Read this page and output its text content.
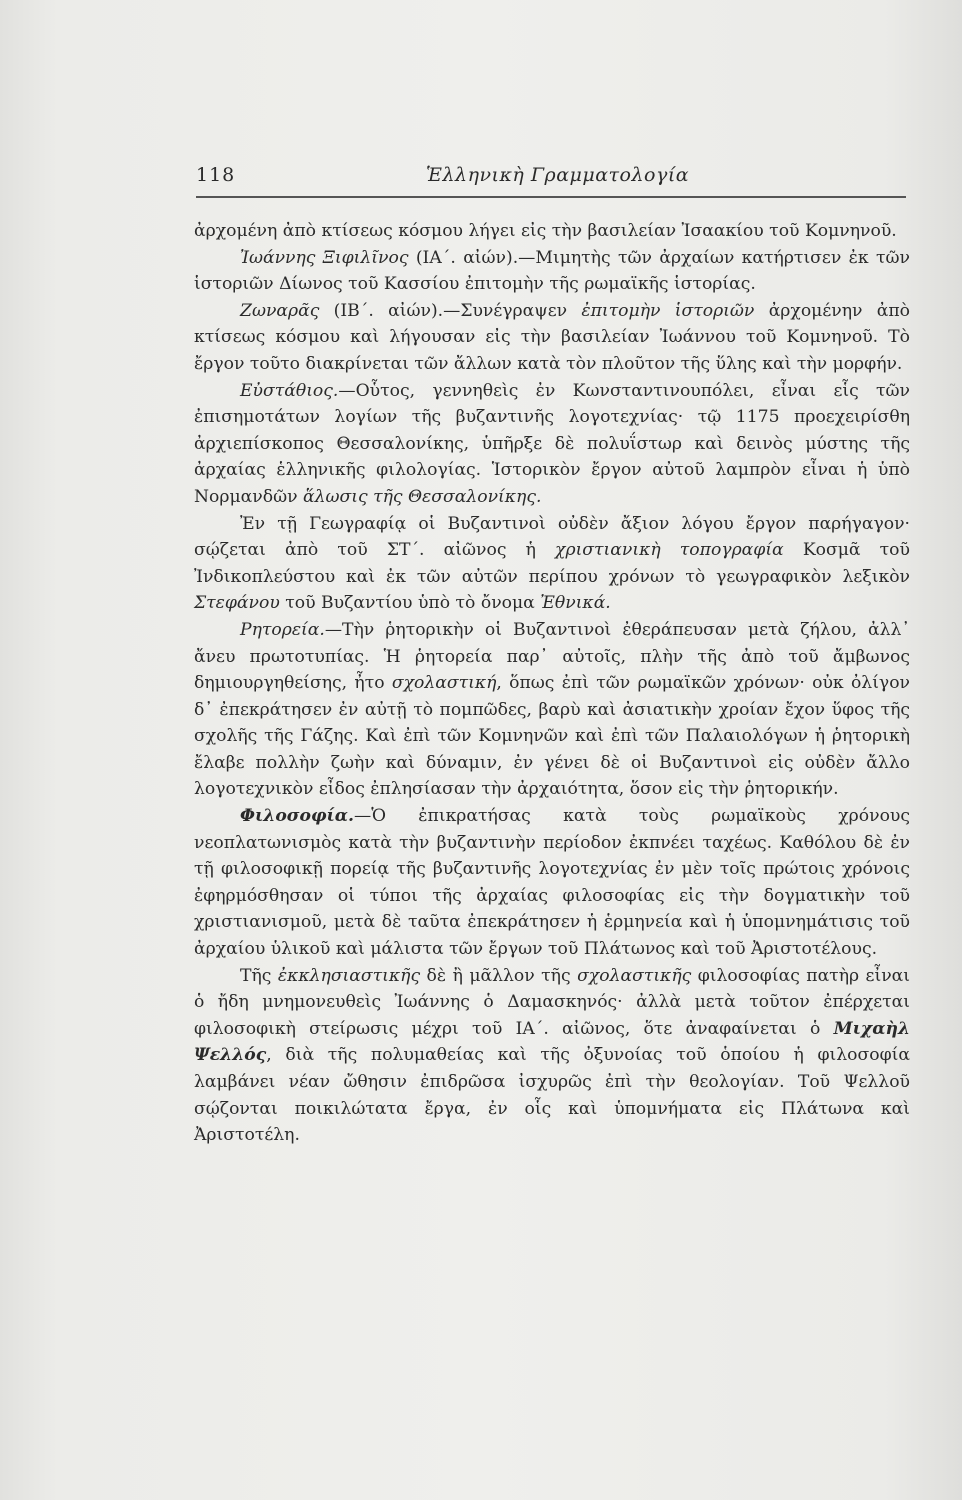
118	Ἑλληνικὴ Γραμματολογία

ἀρχομένη ἀπὸ κτίσεως κόσμου λήγει εἰς τὴν βασιλείαν Ἰσαακίου τοῦ Κομνηνοῦ.

Ἰωάννης Ξιφιλῖνος (ΙΑ΄. αἰών).—Μιμητὴς τῶν ἀρχαίων κατήρτισεν ἐκ τῶν ἱστοριῶν Δίωνος τοῦ Κασσίου ἐπιτομὴν τῆς ρωμαϊκῆς ἱστορίας.

Ζωναρᾶς (ΙΒ΄. αἰών).—Συνέγραψεν ἐπιτομὴν ἱστοριῶν ἀρχομένην ἀπὸ κτίσεως κόσμου καὶ λήγουσαν εἰς τὴν βασιλείαν Ἰωάννου τοῦ Κομνηνοῦ. Τὸ ἔργον τοῦτο διακρίνεται τῶν ἄλλων κατὰ τὸν πλοῦτον τῆς ὕλης καὶ τὴν μορφήν.

Εὐστάθιος.—Οὗτος, γεννηθεὶς ἐν Κωνσταντινουπόλει, εἶναι εἷς τῶν ἐπισημοτάτων λογίων τῆς βυζαντινῆς λογοτεχνίας· τῷ 1175 προεχειρίσθη ἀρχιεπίσκοπος Θεσσαλονίκης, ὑπῆρξε δὲ πολυΐστωρ καὶ δεινὸς μύστης τῆς ἀρχαίας ἑλληνικῆς φιλολογίας. Ἱστορικὸν ἔργον αὐτοῦ λαμπρὸν εἶναι ἡ ὑπὸ Νορμανδῶν ἅλωσις τῆς Θεσσαλονίκης.

Ἐν τῇ Γεωγραφίᾳ οἱ Βυζαντινοὶ οὐδὲν ἄξιον λόγου ἔργον παρήγαγον· σῴζεται ἀπὸ τοῦ ΣΤ΄. αἰῶνος ἡ χριστιανικὴ τοπογραφία Κοσμᾶ τοῦ Ἰνδικοπλεύστου καὶ ἐκ τῶν αὐτῶν περίπου χρόνων τὸ γεωγραφικὸν λεξικὸν Στεφάνου τοῦ Βυζαντίου ὑπὸ τὸ ὄνομα Ἐθνικά.

Ρητορεία.—Τὴν ῥητορικὴν οἱ Βυζαντινοὶ ἐθεράπευσαν μετὰ ζήλου, ἀλλ᾽ ἄνευ πρωτοτυπίας. Ἡ ῥητορεία παρ᾽ αὐτοῖς, πλὴν τῆς ἀπὸ τοῦ ἄμβωνος δημιουργηθείσης, ἦτο σχολαστική, ὅπως ἐπὶ τῶν ρωμαϊκῶν χρόνων· οὐκ ὀλίγον δ᾽ ἐπεκράτησεν ἐν αὐτῇ τὸ πομπῶδες, βαρὺ καὶ ἀσιατικὴν χροίαν ἔχον ὕφος τῆς σχολῆς τῆς Γάζης. Καὶ ἐπὶ τῶν Κομνηνῶν καὶ ἐπὶ τῶν Παλαιολόγων ἡ ῥητορικὴ ἔλαβε πολλὴν ζωὴν καὶ δύναμιν, ἐν γένει δὲ οἱ Βυζαντινοὶ εἰς οὐδὲν ἄλλο λογοτεχνικὸν εἶδος ἐπλησίασαν τὴν ἀρχαιότητα, ὅσον εἰς τὴν ῥητορικήν.

Φιλοσοφία.—Ὁ ἐπικρατήσας κατὰ τοὺς ρωμαϊκοὺς χρόνους νεοπλατωνισμὸς κατὰ τὴν βυζαντινὴν περίοδον ἐκπνέει ταχέως. Καθόλου δὲ ἐν τῇ φιλοσοφικῇ πορείᾳ τῆς βυζαντινῆς λογοτεχνίας ἐν μὲν τοῖς πρώτοις χρόνοις ἐφηρμόσθησαν οἱ τύποι τῆς ἀρχαίας φιλοσοφίας εἰς τὴν δογματικὴν τοῦ χριστιανισμοῦ, μετὰ δὲ ταῦτα ἐπεκράτησεν ἡ ἑρμηνεία καὶ ἡ ὑπομνημάτισις τοῦ ἀρχαίου ὑλικοῦ καὶ μάλιστα τῶν ἔργων τοῦ Πλάτωνος καὶ τοῦ Ἀριστοτέλους.

Τῆς ἐκκλησιαστικῆς δὲ ἢ μᾶλλον τῆς σχολαστικῆς φιλοσοφίας πατὴρ εἶναι ὁ ἤδη μνημονευθεὶς Ἰωάννης ὁ Δαμασκηνός· ἀλλὰ μετὰ τοῦτον ἐπέρχεται φιλοσοφικὴ στείρωσις μέχρι τοῦ ΙΑ΄. αἰῶνος, ὅτε ἀναφαίνεται ὁ Μιχαὴλ Ψελλός, διὰ τῆς πολυμαθείας καὶ τῆς ὀξυνοίας τοῦ ὁποίου ἡ φιλοσοφία λαμβάνει νέαν ὤθησιν ἐπιδρῶσα ἰσχυρῶς ἐπὶ τὴν θεολογίαν. Τοῦ Ψελλοῦ σῴζονται ποικιλώτατα ἔργα, ἐν οἷς καὶ ὑπομνήματα εἰς Πλάτωνα καὶ Ἀριστοτέλη.
